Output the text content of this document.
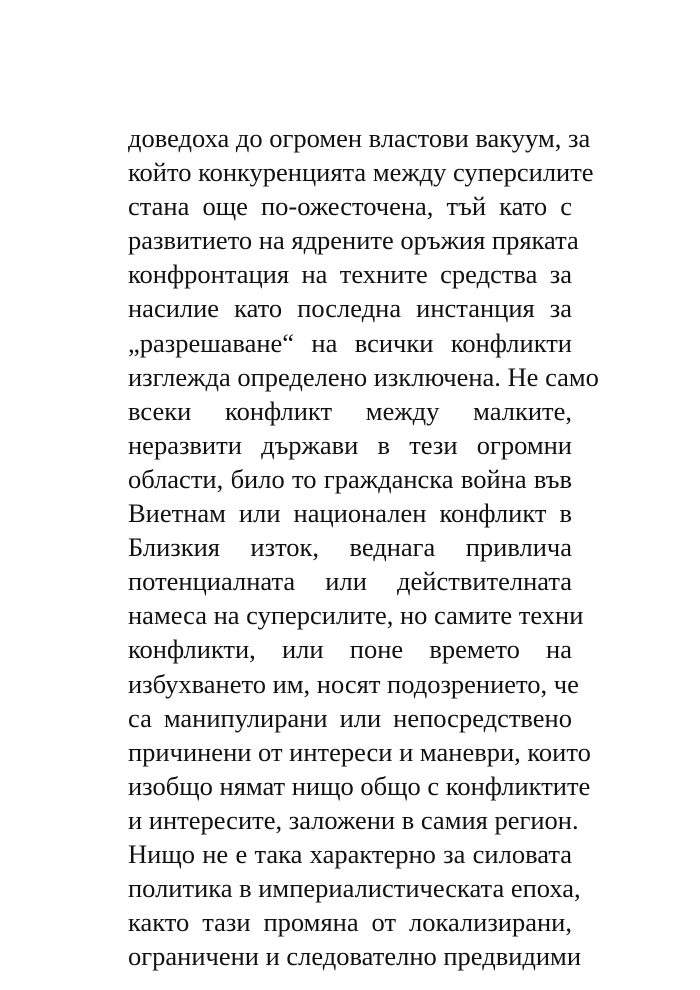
доведоха до огромен властови вакуум, за
който конкуренцията между суперсилите
стана още по-ожесточена, тъй като с
развитието на ядрените оръжия пряката
конфронтация на техните средства за
насилие като последна инстанция за
„разрешаване“ на всички конфликти
изглежда определено изключена. Не само
всеки конфликт между малките,
неразвити държави в тези огромни
области, било то гражданска война във
Виетнам или национален конфликт в
Близкия изток, веднага привлича
потенциалната или действителната
намеса на суперсилите, но самите техни
конфликти, или поне времето на
избухването им, носят подозрението, че
са манипулирани или непосредствено
причинени от интереси и маневри, които
изобщо нямат нищо общо с конфликтите
и интересите, заложени в самия регион.
Нищо не е така характерно за силовата
политика в империалистическата епоха,
както тази промяна от локализирани,
ограничени и следователно предвидими
